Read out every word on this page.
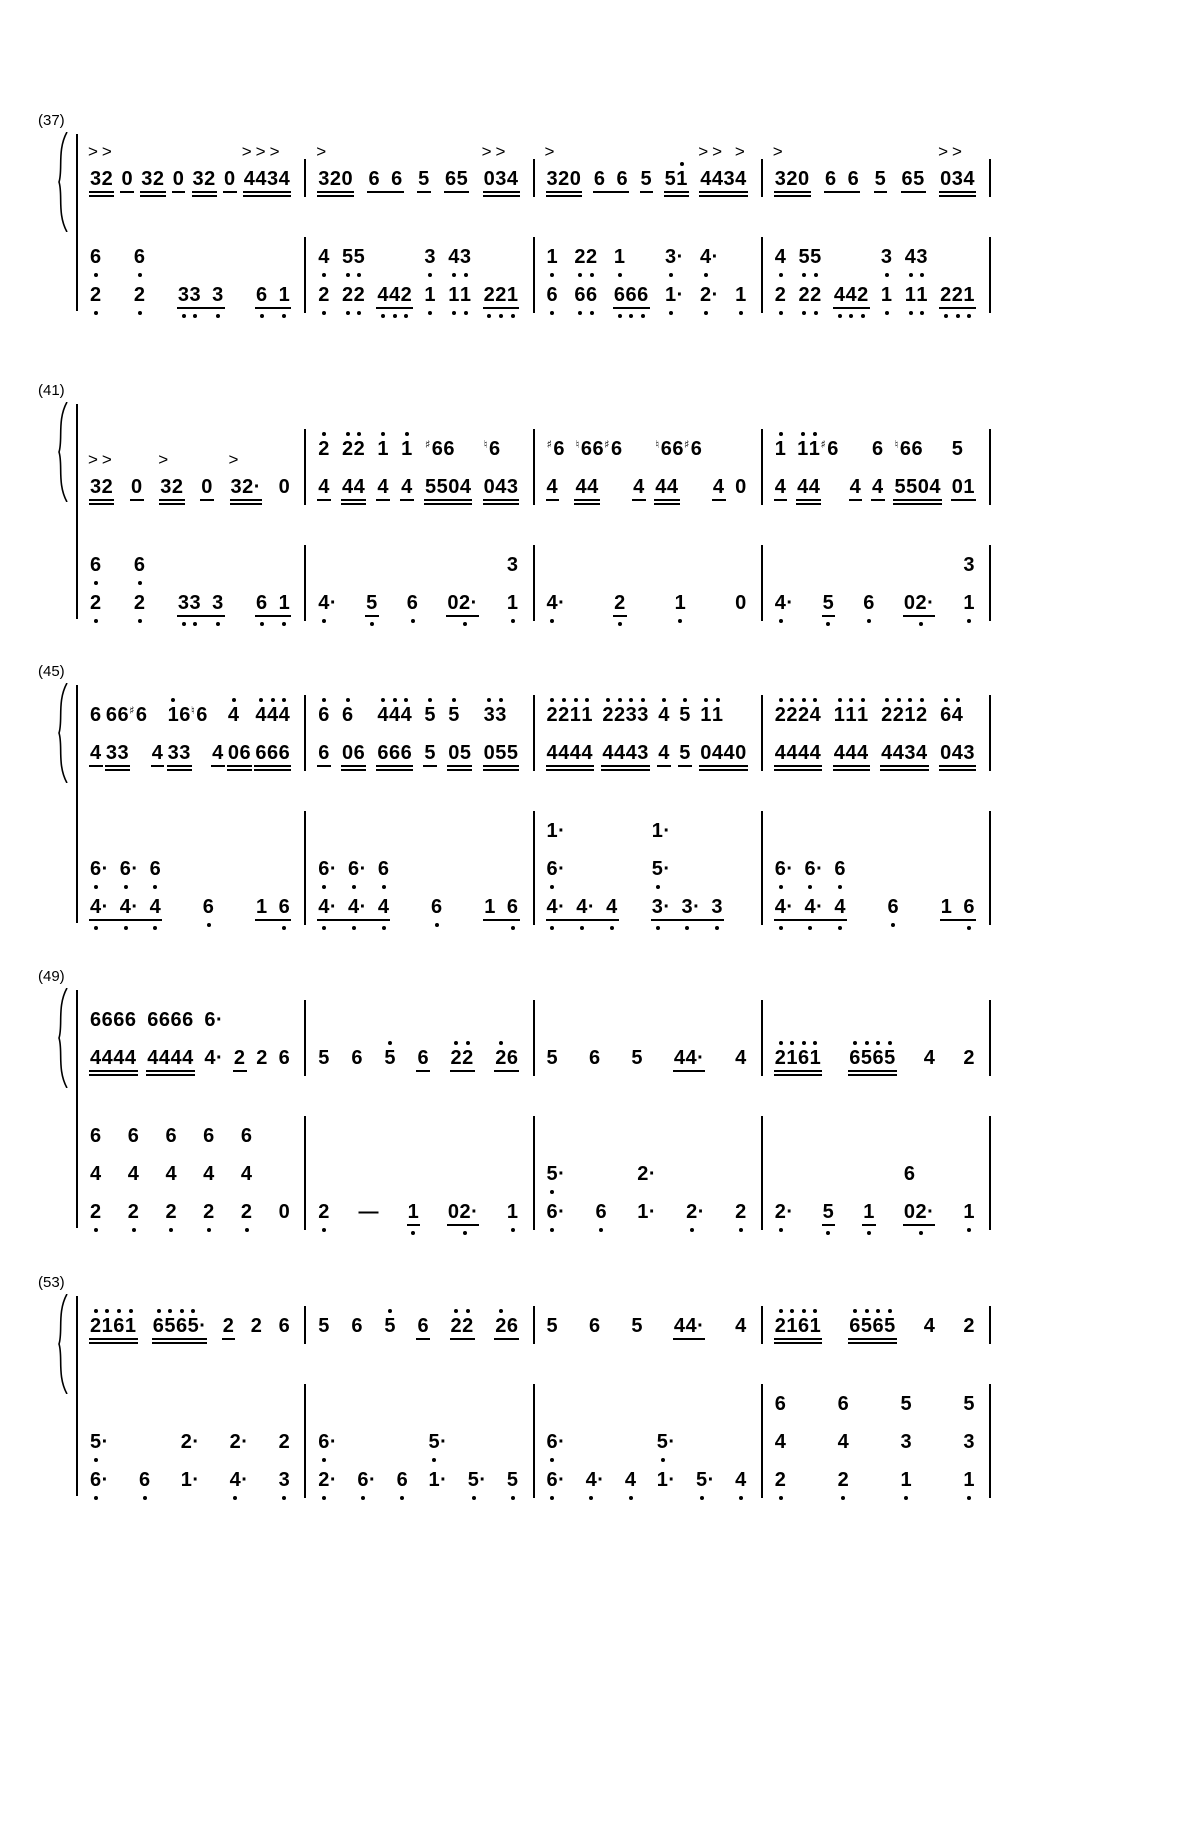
(37)
>>
32 0 32 0 32 0
>>>
4434
>
320 6 6 5 65
>>
034
>
320 6 6 5 51
>> >
4434
>
320 6 6 5 65
>>
034
6
2
6
2 33 3 6 1
4
2
55
22 442
3
1
43
11 221
1
6
22
66
1
666
3·
1·
4·
2· 1
4
2
55
22 442
3
1
43
11 221
(41)
>>
32 0
>
32 0
>
32· 0
2
4
22
44
1
4
1
4
♯66
5504
♮6
043
♯6
4
♮66♯6
44 4
♮66♯6
44 4 0
1
4
11♯6
44 4
6
4
♮66
5504
5
01
6
2
6
2 33 3 6 1 4· 5 6 02·
3
1 4· 2 1 0 4· 5 6 02·
3
1
(45)
6
4
66♯6
33 4
16♮6
33 4
4
06
444
666
6
6
6
06
444
666
5
5
5
05
33
055
2211
4444
2233
4443
4
4
5
5
11
0440
2224
4444
111
444
2212
4434
64
043
6· 6· 6
4· 4· 4 6 1 6
6· 6· 6
4· 4· 4 6 1 6
1·
6·
4· 4· 4
1·
5·
3· 3· 3
6· 6· 6
4· 4· 4 6 1 6
(49)
6666
4444
6666
4444
6·
4· 2 2 6 5 6 5 6 22 26 5 6 5 44· 4 2161 6565 4 2
6
4
2
6
4
2
6
4
2
6
4
2
6
4
2 0 2 — 1 02· 1
5·
6· 6
2·
1· 2· 2 2· 5 1
6
02· 1
(53)
2161 6565· 2 2 6 5 6 5 6 22 26 5 6 5 44· 4 2161 6565 4 2
5·
6· 6
2·
1·
2·
4·
2
3
6·
2· 6· 6
5·
1· 5· 5
6·
6· 4· 4
5·
1· 5· 4
6
4
2
6
4
2
5
3
1
5
3
1
